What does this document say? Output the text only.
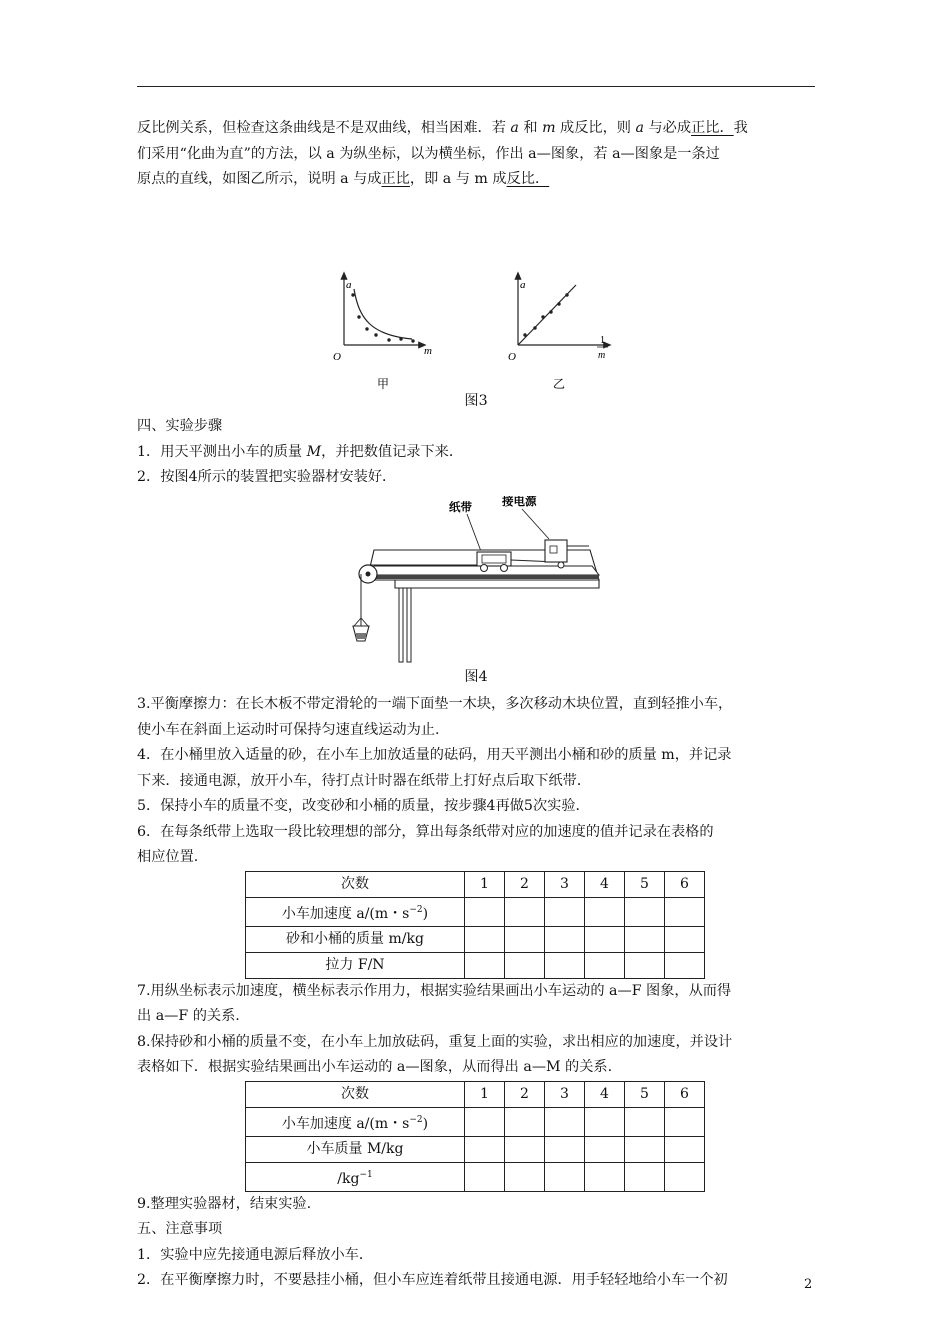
反比例关系，但检查这条曲线是不是双曲线，相当困难．若 a 和 m 成反比，则 a 与必成正比．我

们采用“化曲为直”的方法，以 a 为纵坐标，以为横坐标，作出 a—图象，若 a—图象是一条过

原点的直线，如图乙所示，说明 a 与成正比，即 a 与 m 成反比．

a
m
O
甲
a
1
m
O
乙

图3

四、实验步骤

1．用天平测出小车的质量 M，并把数值记录下来．

2．按图4所示的装置把实验器材安装好．

纸带	接电源

图4

3.平衡摩擦力：在长木板不带定滑轮的一端下面垫一木块，多次移动木块位置，直到轻推小车，

使小车在斜面上运动时可保持匀速直线运动为止.

4．在小桶里放入适量的砂，在小车上加放适量的砝码，用天平测出小桶和砂的质量 m，并记录

下来．接通电源，放开小车，待打点计时器在纸带上打好点后取下纸带．

5．保持小车的质量不变，改变砂和小桶的质量，按步骤4再做5次实验．

6．在每条纸带上选取一段比较理想的部分，算出每条纸带对应的加速度的值并记录在表格的

相应位置.

次数	1	2	3	4	5	6
小车加速度 a/(m・$s^{-2}$)						
砂和小桶的质量 m/kg						
拉力 F/N						

7.用纵坐标表示加速度，横坐标表示作用力，根据实验结果画出小车运动的 a—F 图象，从而得

出 a—F 的关系.

8.保持砂和小桶的质量不变，在小车上加放砝码，重复上面的实验，求出相应的加速度，并设计

表格如下．根据实验结果画出小车运动的 a—图象，从而得出 a—M 的关系.

次数	1	2	3	4	5	6
小车加速度 a/(m・$s^{-2}$)						
小车质量 M/kg						
$/kg^{-1}$						

9.整理实验器材，结束实验.

五、注意事项

1．实验中应先接通电源后释放小车．

2．在平衡摩擦力时，不要悬挂小桶，但小车应连着纸带且接通电源．用手轻轻地给小车一个初	2
